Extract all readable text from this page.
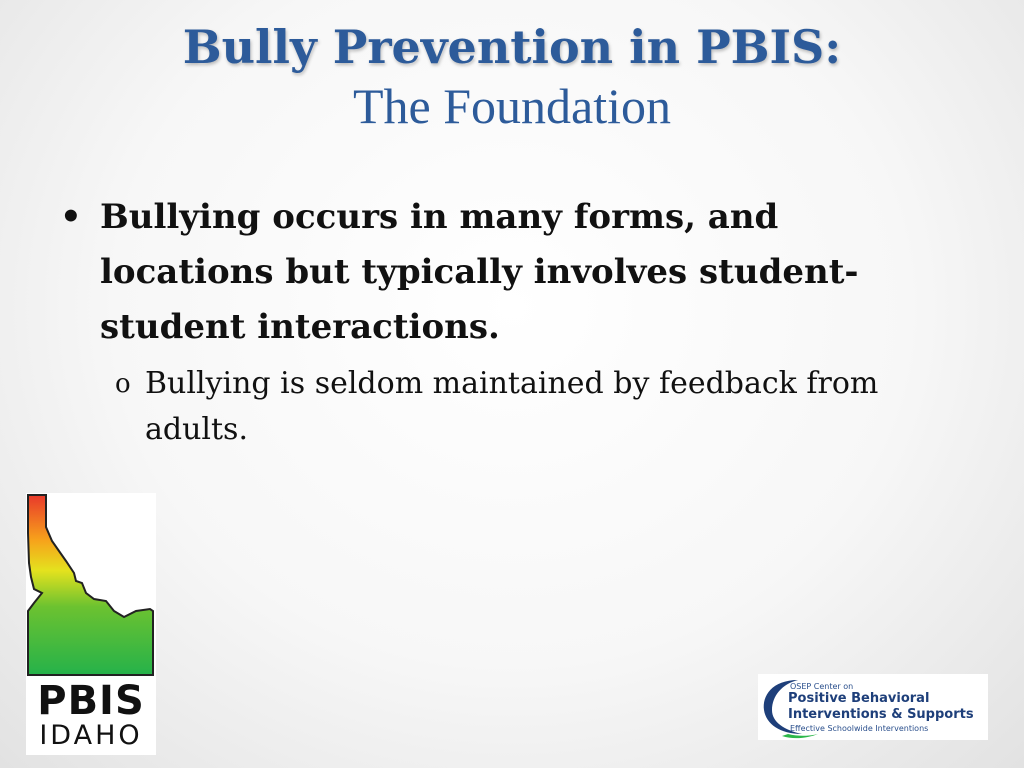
Bully Prevention in PBIS:
The Foundation
• Bullying occurs in many forms, and locations but typically involves student-student interactions.
o Bullying is seldom maintained by feedback from adults.
PBIS
IDAHO
OSEP Center on
Positive Behavioral
Interventions & Supports
Effective Schoolwide Interventions
